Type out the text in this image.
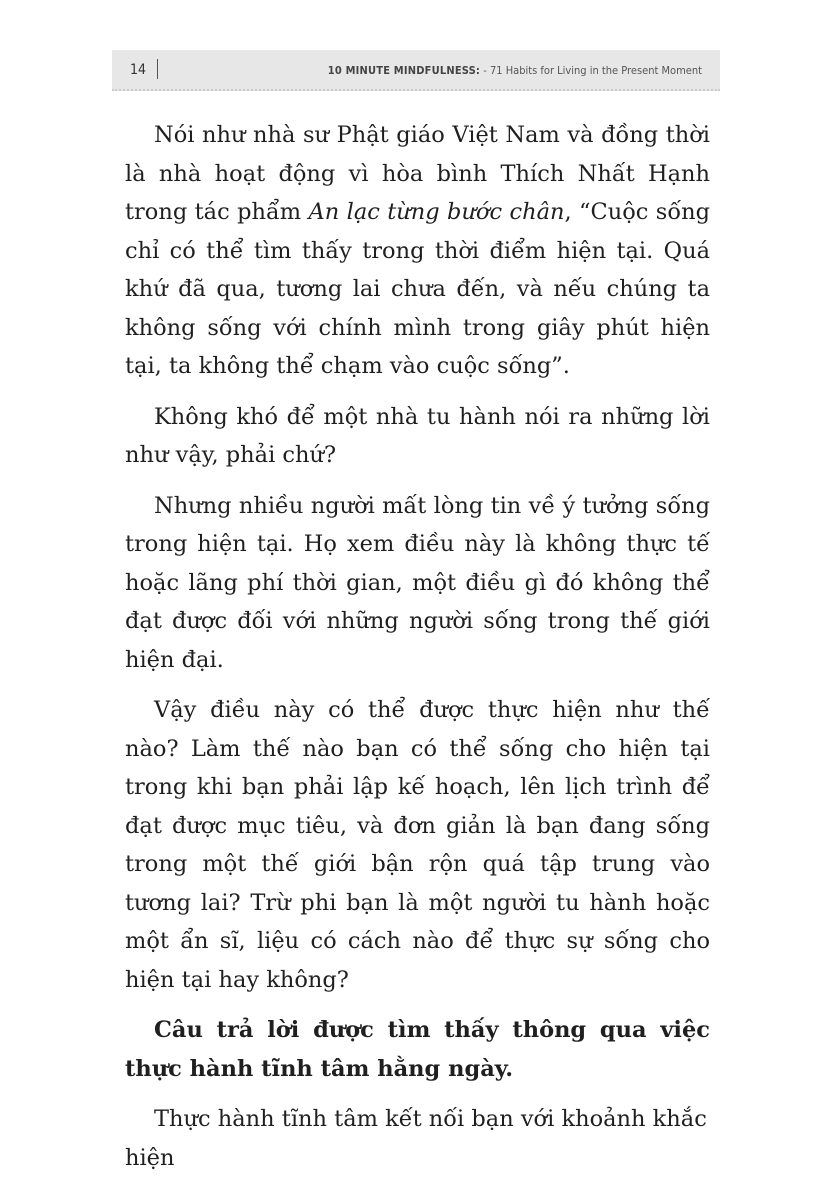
14	10 MINUTE MINDFULNESS: - 71 Habits for Living in the Present Moment

Nói như nhà sư Phật giáo Việt Nam và đồng thời là nhà hoạt động vì hòa bình Thích Nhất Hạnh trong tác phẩm An lạc từng bước chân, “Cuộc sống chỉ có thể tìm thấy trong thời điểm hiện tại. Quá khứ đã qua, tương lai chưa đến, và nếu chúng ta không sống với chính mình trong giây phút hiện tại, ta không thể chạm vào cuộc sống”.

Không khó để một nhà tu hành nói ra những lời như vậy, phải chứ?

Nhưng nhiều người mất lòng tin về ý tưởng sống trong hiện tại. Họ xem điều này là không thực tế hoặc lãng phí thời gian, một điều gì đó không thể đạt được đối với những người sống trong thế giới hiện đại.

Vậy điều này có thể được thực hiện như thế nào? Làm thế nào bạn có thể sống cho hiện tại trong khi bạn phải lập kế hoạch, lên lịch trình để đạt được mục tiêu, và đơn giản là bạn đang sống trong một thế giới bận rộn quá tập trung vào tương lai? Trừ phi bạn là một người tu hành hoặc một ẩn sĩ, liệu có cách nào để thực sự sống cho hiện tại hay không?

Câu trả lời được tìm thấy thông qua việc thực hành tĩnh tâm hằng ngày.

Thực hành tĩnh tâm kết nối bạn với khoảnh khắc hiện
